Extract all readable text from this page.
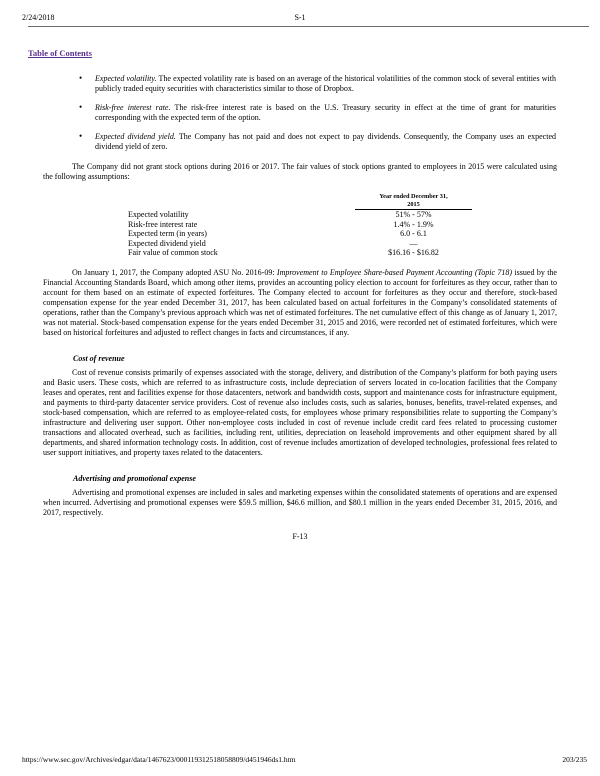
2/24/2018	S-1
Table of Contents
• Expected volatility. The expected volatility rate is based on an average of the historical volatilities of the common stock of several entities with publicly traded equity securities with characteristics similar to those of Dropbox.
• Risk-free interest rate. The risk-free interest rate is based on the U.S. Treasury security in effect at the time of grant for maturities corresponding with the expected term of the option.
• Expected dividend yield. The Company has not paid and does not expect to pay dividends. Consequently, the Company uses an expected dividend yield of zero.

The Company did not grant stock options during 2016 or 2017. The fair values of stock options granted to employees in 2015 were calculated using the following assumptions:

Year ended December 31,
2015
Expected volatility	51% - 57%
Risk-free interest rate	1.4% - 1.9%
Expected term (in years)	6.0 - 6.1
Expected dividend yield	—
Fair value of common stock	$16.16 - $16.82

On January 1, 2017, the Company adopted ASU No. 2016-09: Improvement to Employee Share-based Payment Accounting (Topic 718) issued by the Financial Accounting Standards Board, which among other items, provides an accounting policy election to account for forfeitures as they occur, rather than to account for them based on an estimate of expected forfeitures. The Company elected to account for forfeitures as they occur and therefore, stock-based compensation expense for the year ended December 31, 2017, has been calculated based on actual forfeitures in the Company’s consolidated statements of operations, rather than the Company’s previous approach which was net of estimated forfeitures. The net cumulative effect of this change as of January 1, 2017, was not material. Stock-based compensation expense for the years ended December 31, 2015 and 2016, were recorded net of estimated forfeitures, which were based on historical forfeitures and adjusted to reflect changes in facts and circumstances, if any.

Cost of revenue

Cost of revenue consists primarily of expenses associated with the storage, delivery, and distribution of the Company’s platform for both paying users and Basic users. These costs, which are referred to as infrastructure costs, include depreciation of servers located in co-location facilities that the Company leases and operates, rent and facilities expense for those datacenters, network and bandwidth costs, support and maintenance costs for infrastructure equipment, and payments to third-party datacenter service providers. Cost of revenue also includes costs, such as salaries, bonuses, benefits, travel-related expenses, and stock-based compensation, which are referred to as employee-related costs, for employees whose primary responsibilities relate to supporting the Company’s infrastructure and delivering user support. Other non-employee costs included in cost of revenue include credit card fees related to processing customer transactions and allocated overhead, such as facilities, including rent, utilities, depreciation on leasehold improvements and other equipment shared by all departments, and shared information technology costs. In addition, cost of revenue includes amortization of developed technologies, professional fees related to user support initiatives, and property taxes related to the datacenters.

Advertising and promotional expense

Advertising and promotional expenses are included in sales and marketing expenses within the consolidated statements of operations and are expensed when incurred. Advertising and promotional expenses were $59.5 million, $46.6 million, and $80.1 million in the years ended December 31, 2015, 2016, and 2017, respectively.

F-13
https://www.sec.gov/Archives/edgar/data/1467623/000119312518058809/d451946ds1.htm	203/235
